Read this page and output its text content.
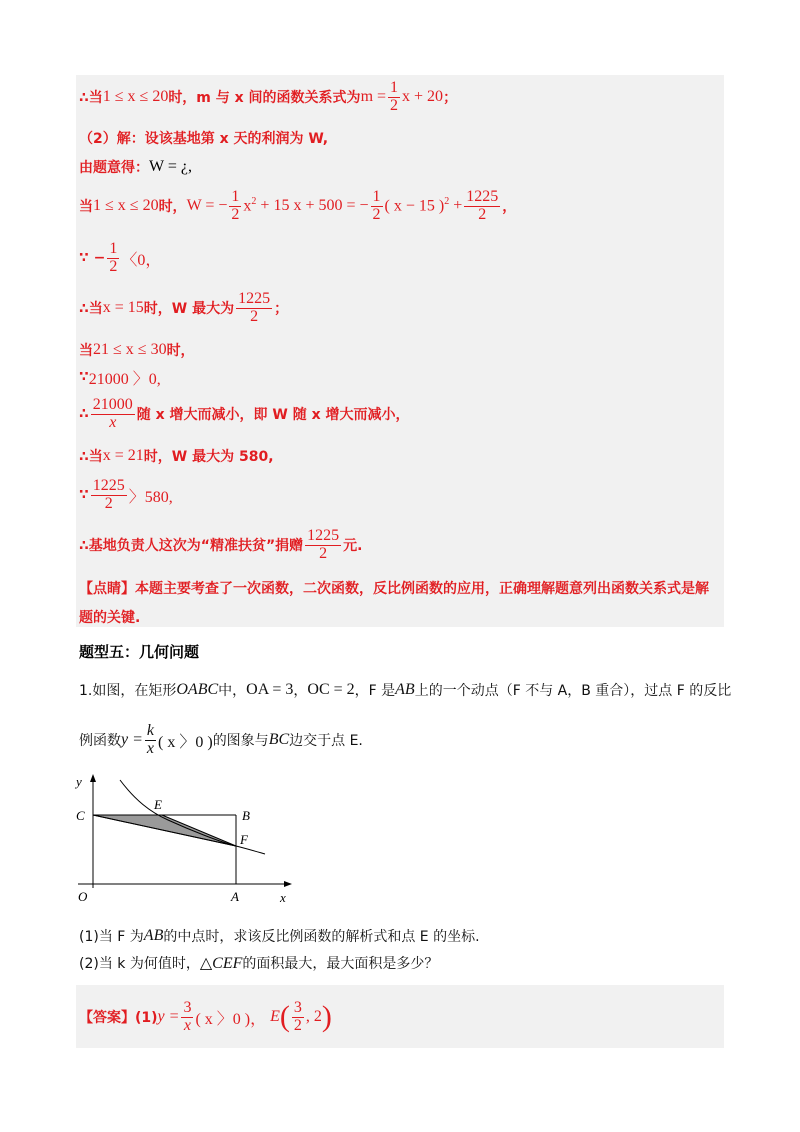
∴当 1 ≤ x ≤ 20 时，m 与 x 间的函数关系式为 $m = \frac{1}{2}$ x + 20 ；
（2）解：设该基地第 x 天的利润为 W,
由题意得： W = ¿,
当 1 ≤ x ≤ 20 时， W = − $\frac{1}{2} x^2 + 15$ x + 500 = − $\frac{1}{2}$ ( x − 15 )$^2 + \frac{1225}{2}$ ，
∵ − $\frac{1}{2}$ 〈0，
∴当 x = 15 时，W 最大为 $\frac{1225}{2}$ ；
当 21 ≤ x ≤ 30 时，
∵ 21000 〉0,
∴ $\frac{21000}{x}$ 随 x 增大而减小，即 W 随 x 增大而减小，
∴当 x = 21 时，W 最大为 580,
∵ $\frac{1225}{2}$ 〉580,
∴基地负责人这次为“精准扶贫”捐赠 $\frac{1225}{2}$ 元.
【点睛】本题主要考查了一次函数，二次函数，反比例函数的应用，正确理解题意列出函数关系式是解
题的关键.
题型五：几何问题
1.如图，在矩形 OABC 中， OA = 3 ， OC = 2 ，F 是 AB 上的一个动点（F 不与 A，B 重合），过点 F 的反比
例函数 $y = \frac{k}{x}$ ( x 〉0 ) 的图象与 BC 边交于点 E.
y
x
O	A
B
C
E
F
(1)当 F 为 AB 的中点时，求该反比例函数的解析式和点 E 的坐标.
(2)当 k 为何值时， △CEF 的面积最大，最大面积是多少？
【答案】(1) $y = \frac{3}{x}$ ( x 〉0 )， E ( $\frac{3}{2}$ , 2 )
